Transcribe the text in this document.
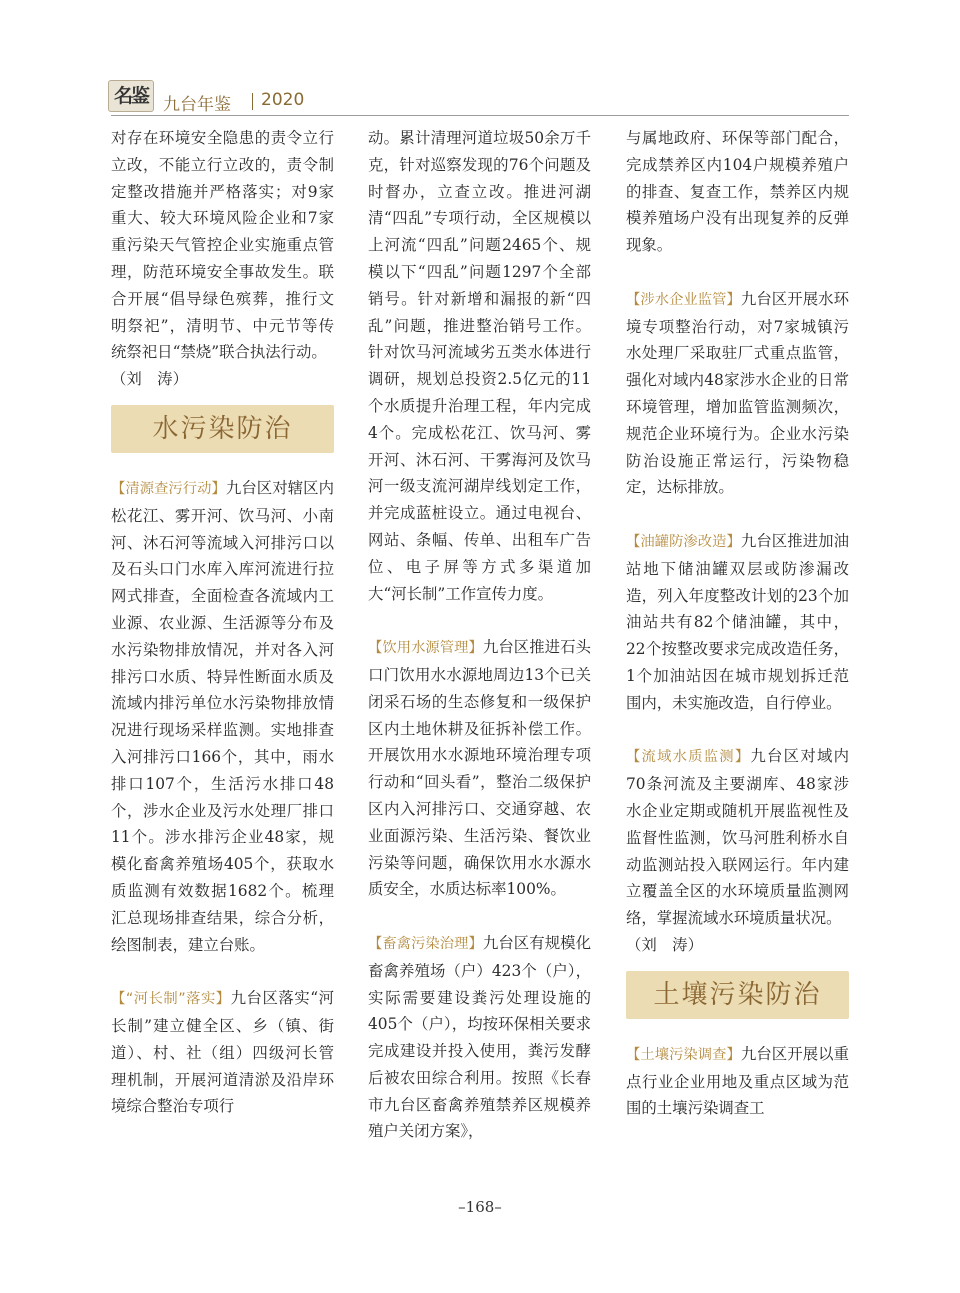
名鉴 九台年鉴 2020

对存在环境安全隐患的责令立行立改，不能立行立改的，责令制定整改措施并严格落实；对9家重大、较大环境风险企业和7家重污染天气管控企业实施重点管理，防范环境安全事故发生。联合开展“倡导绿色殡葬，推行文明祭祀”，清明节、中元节等传统祭祀日“禁烧”联合执法行动。

（刘　涛）

水污染防治

【清源查污行动】九台区对辖区内松花江、雾开河、饮马河、小南河、沐石河等流域入河排污口以及石头口门水库入库河流进行拉网式排查，全面检查各流域内工业源、农业源、生活源等分布及水污染物排放情况，并对各入河排污口水质、特异性断面水质及流域内排污单位水污染物排放情况进行现场采样监测。实地排查入河排污口166个，其中，雨水排口107个，生活污水排口48个，涉水企业及污水处理厂排口11个。涉水排污企业48家，规模化畜禽养殖场405个，获取水质监测有效数据1682个。梳理汇总现场排查结果，综合分析，绘图制表，建立台账。

【“河长制”落实】九台区落实“河长制”建立健全区、乡（镇、街道）、村、社（组）四级河长管理机制，开展河道清淤及沿岸环境综合整治专项行

动。累计清理河道垃圾50余万千克，针对巡察发现的76个问题及时督办，立查立改。推进河湖清“四乱”专项行动，全区规模以上河流“四乱”问题2465个、规模以下“四乱”问题1297个全部销号。针对新增和漏报的新“四乱”问题，推进整治销号工作。针对饮马河流域劣五类水体进行调研，规划总投资2.5亿元的11个水质提升治理工程，年内完成4个。完成松花江、饮马河、雾开河、沐石河、干雾海河及饮马河一级支流河湖岸线划定工作，并完成蓝桩设立。通过电视台、网站、条幅、传单、出租车广告位、电子屏等方式多渠道加大“河长制”工作宣传力度。

【饮用水源管理】九台区推进石头口门饮用水水源地周边13个已关闭采石场的生态修复和一级保护区内土地休耕及征拆补偿工作。开展饮用水水源地环境治理专项行动和“回头看”，整治二级保护区内入河排污口、交通穿越、农业面源污染、生活污染、餐饮业污染等问题，确保饮用水水源水质安全，水质达标率100%。

【畜禽污染治理】九台区有规模化畜禽养殖场（户）423个（户），实际需要建设粪污处理设施的405个（户），均按环保相关要求完成建设并投入使用，粪污发酵后被农田综合利用。按照《长春市九台区畜禽养殖禁养区规模养殖户关闭方案》，

与属地政府、环保等部门配合，完成禁养区内104户规模养殖户的排查、复查工作，禁养区内规模养殖场户没有出现复养的反弹现象。

【涉水企业监管】九台区开展水环境专项整治行动，对7家城镇污水处理厂采取驻厂式重点监管，强化对域内48家涉水企业的日常环境管理，增加监管监测频次，规范企业环境行为。企业水污染防治设施正常运行，污染物稳定，达标排放。

【油罐防渗改造】九台区推进加油站地下储油罐双层或防渗漏改造，列入年度整改计划的23个加油站共有82个储油罐，其中，22个按整改要求完成改造任务，1个加油站因在城市规划拆迁范围内，未实施改造，自行停业。

【流域水质监测】九台区对域内70条河流及主要湖库、48家涉水企业定期或随机开展监视性及监督性监测，饮马河胜利桥水自动监测站投入联网运行。年内建立覆盖全区的水环境质量监测网络，掌握流域水环境质量状况。

（刘　涛）

土壤污染防治

【土壤污染调查】九台区开展以重点行业企业用地及重点区域为范围的土壤污染调查工

–168–
